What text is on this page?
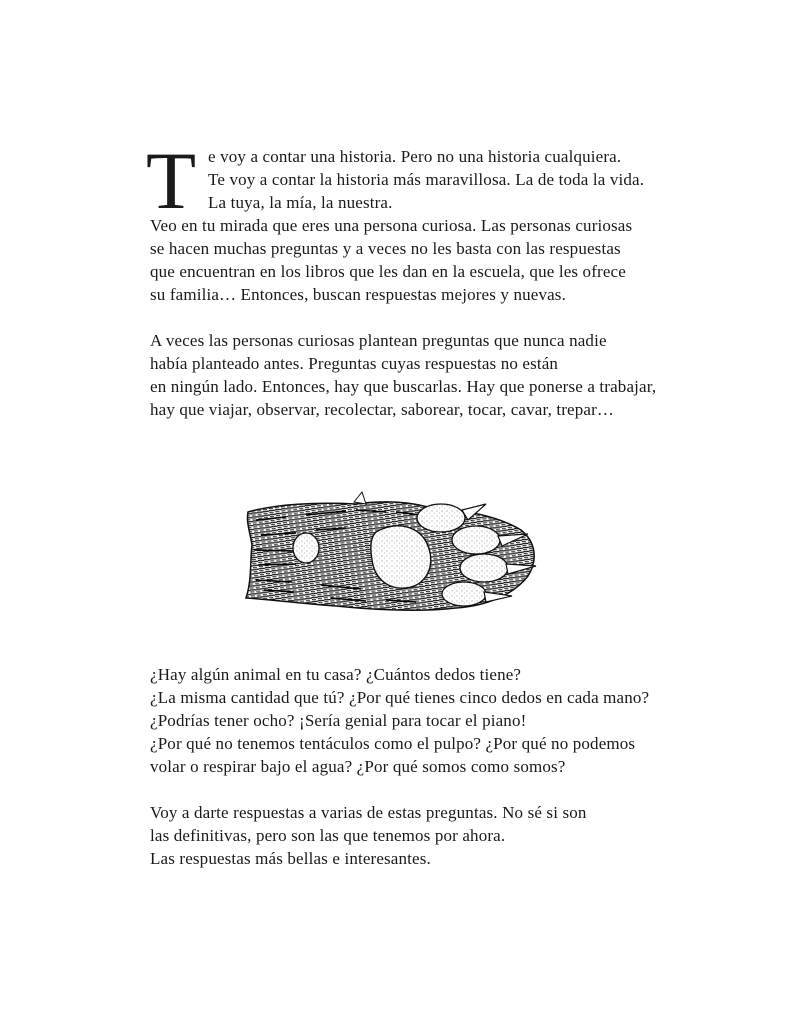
T e voy a contar una historia. Pero no una historia cualquiera.
Te voy a contar la historia más maravillosa. La de toda la vida.
La tuya, la mía, la nuestra.
Veo en tu mirada que eres una persona curiosa. Las personas curiosas
se hacen muchas preguntas y a veces no les basta con las respuestas
que encuentran en los libros que les dan en la escuela, que les ofrece
su familia… Entonces, buscan respuestas mejores y nuevas.
A veces las personas curiosas plantean preguntas que nunca nadie
había planteado antes. Preguntas cuyas respuestas no están
en ningún lado. Entonces, hay que buscarlas. Hay que ponerse a trabajar,
hay que viajar, observar, recolectar, saborear, tocar, cavar, trepar…
¿Hay algún animal en tu casa? ¿Cuántos dedos tiene?
¿La misma cantidad que tú? ¿Por qué tienes cinco dedos en cada mano?
¿Podrías tener ocho? ¡Sería genial para tocar el piano!
¿Por qué no tenemos tentáculos como el pulpo? ¿Por qué no podemos
volar o respirar bajo el agua? ¿Por qué somos como somos?
Voy a darte respuestas a varias de estas preguntas. No sé si son
las definitivas, pero son las que tenemos por ahora.
Las respuestas más bellas e interesantes.
